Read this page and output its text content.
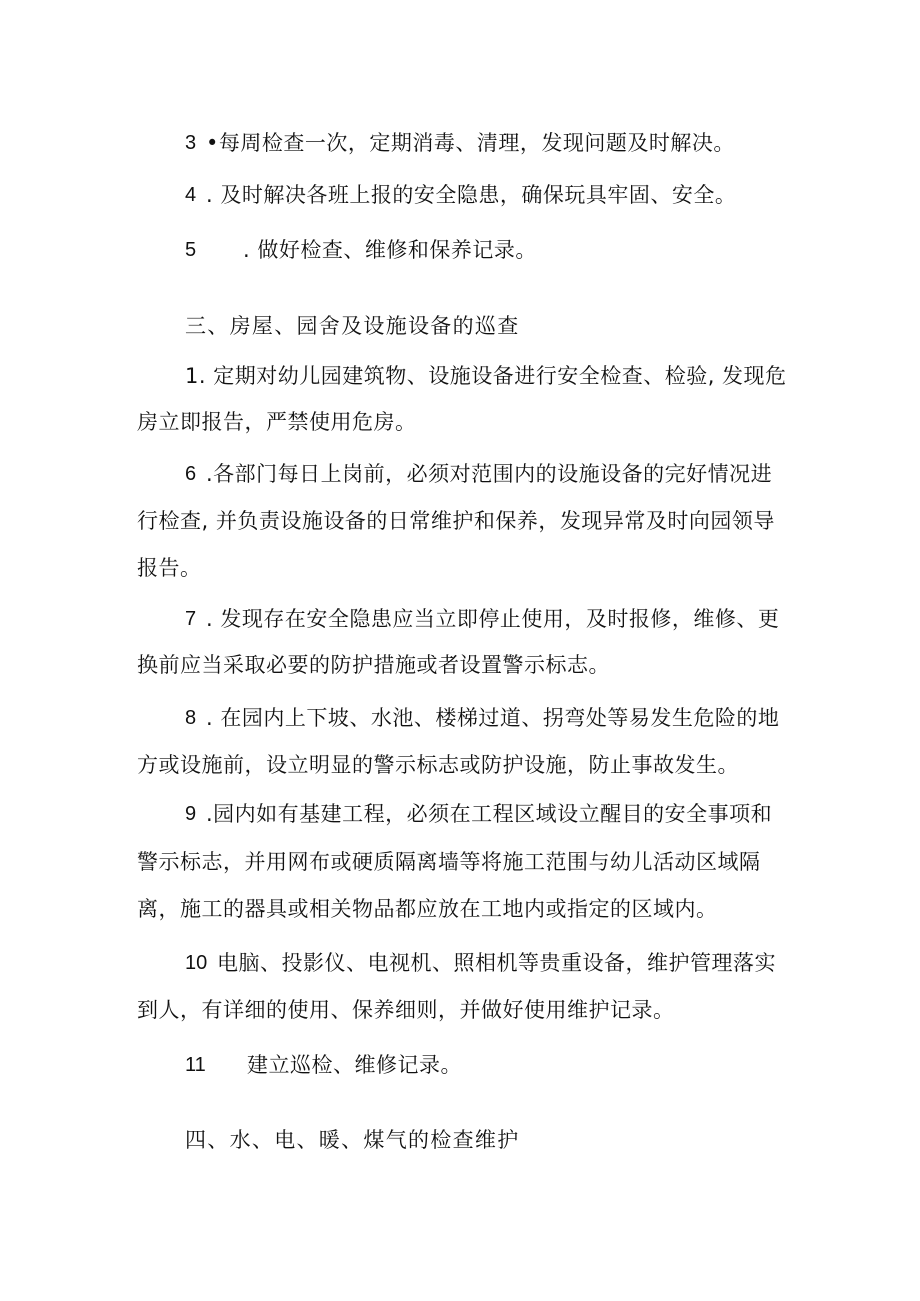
3 •每周检查一次，定期消毒、清理，发现问题及时解决。
4 . 及时解决各班上报的安全隐患，确保玩具牢固、安全。
5 . 做好检查、维修和保养记录。
三、房屋、园舍及设施设备的巡查
1. 定期对幼儿园建筑物、设施设备进行安全检查、检验, 发现危
房立即报告，严禁使用危房。
6 .各部门每日上岗前，必须对范围内的设施设备的完好情况进
行检查, 并负责设施设备的日常维护和保养，发现异常及时向园领导
报告。
7 . 发现存在安全隐患应当立即停止使用，及时报修，维修、更
换前应当采取必要的防护措施或者设置警示标志。
8 . 在园内上下坡、水池、楼梯过道、拐弯处等易发生危险的地
方或设施前，设立明显的警示标志或防护设施，防止事故发生。
9 .园内如有基建工程，必须在工程区域设立醒目的安全事项和
警示标志，并用网布或硬质隔离墙等将施工范围与幼儿活动区域隔
离，施工的器具或相关物品都应放在工地内或指定的区域内。
10 电脑、投影仪、电视机、照相机等贵重设备，维护管理落实
到人，有详细的使用、保养细则，并做好使用维护记录。
11 建立巡检、维修记录。
四、水、电、暖、煤气的检查维护
